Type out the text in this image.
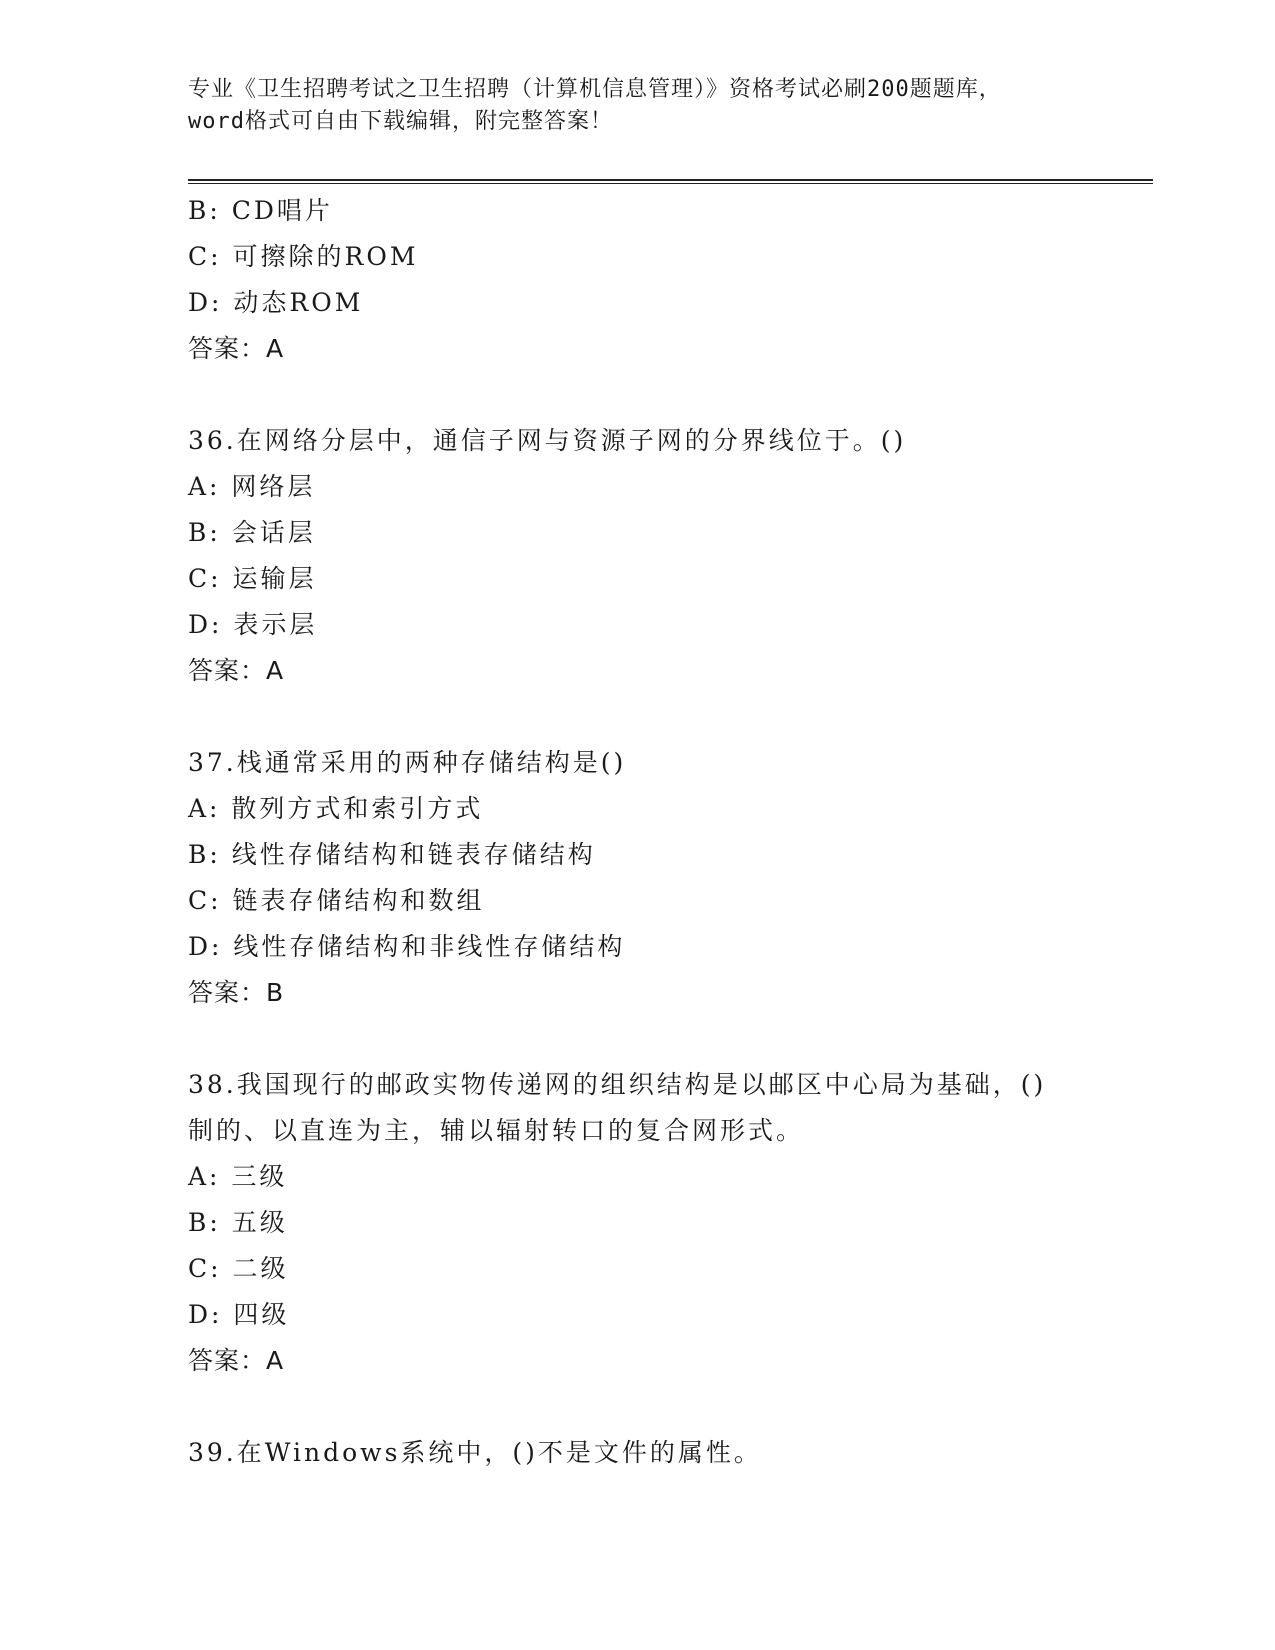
专业《卫生招聘考试之卫生招聘（计算机信息管理）》资格考试必刷200题题库，
word格式可自由下载编辑，附完整答案！
B: CD唱片
C: 可擦除的ROM
D: 动态ROM
答案：A
36.在网络分层中，通信子网与资源子网的分界线位于。()
A: 网络层
B: 会话层
C: 运输层
D: 表示层
答案：A
37.栈通常采用的两种存储结构是()
A: 散列方式和索引方式
B: 线性存储结构和链表存储结构
C: 链表存储结构和数组
D: 线性存储结构和非线性存储结构
答案：B
38.我国现行的邮政实物传递网的组织结构是以邮区中心局为基础，()
制的、以直连为主，辅以辐射转口的复合网形式。
A: 三级
B: 五级
C: 二级
D: 四级
答案：A
39.在Windows系统中，()不是文件的属性。
